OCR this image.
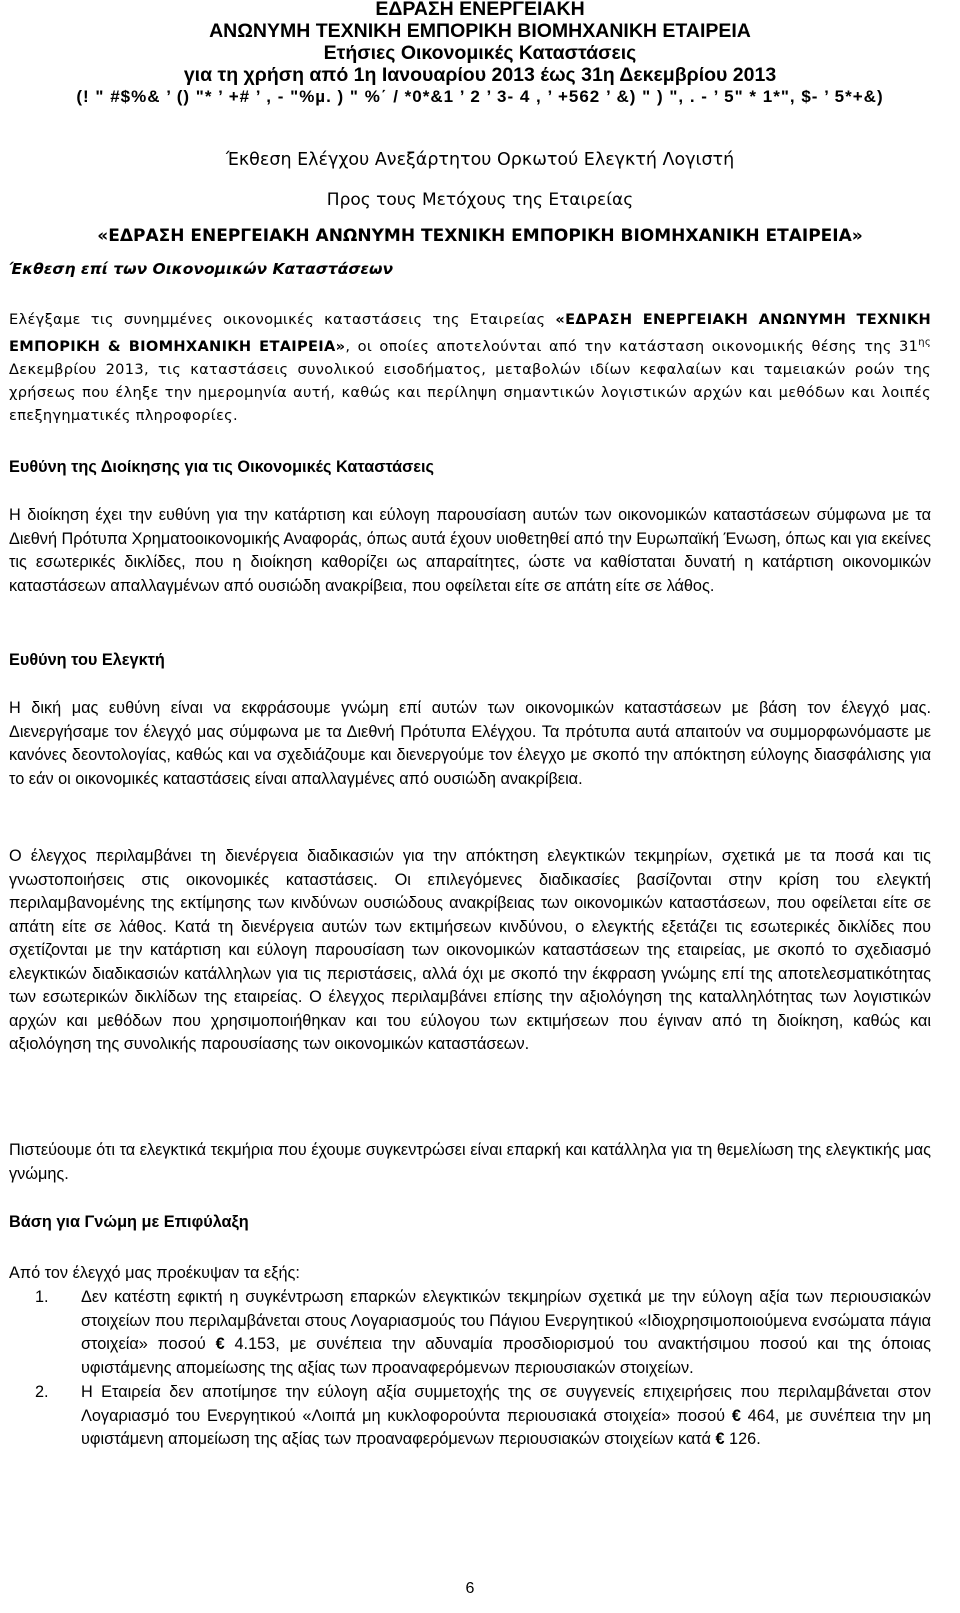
ΕΔΡΑΣΗ ΕΝΕΡΓΕΙΑΚΗ

ΑΝΩΝΥΜΗ ΤΕΧΝΙΚΗ ΕΜΠΟΡΙΚΗ ΒΙΟΜΗΧΑΝΙΚΗ ΕΤΑΙΡΕΙΑ

Ετήσιες Οικονομικές Καταστάσεις

για τη χρήση από 1η Ιανουαρίου 2013 έως 31η Δεκεμβρίου 2013

(! " #$%& ’ () "* ’ +# ’ , - "%µ. ) " %΄ / *0*&1 ’ 2 ’ 3- 4 , ’ +562 ’ &) " ) ", . - ’ 5" * 1*", $- ’ 5*+&)

Έκθεση Ελέγχου Ανεξάρτητου Ορκωτού Ελεγκτή Λογιστή
Προς τους Μετόχους της Εταιρείας
«ΕΔΡΑΣΗ ΕΝΕΡΓΕΙΑΚΗ ΑΝΩΝΥΜΗ ΤΕΧΝΙΚΗ ΕΜΠΟΡΙΚΗ ΒΙΟΜΗΧΑΝΙΚΗ ΕΤΑΙΡΕΙΑ»

Έκθεση επί των Οικονομικών Καταστάσεων

Ελέγξαμε τις συνημμένες οικονομικές καταστάσεις της Εταιρείας «ΕΔΡΑΣΗ ΕΝΕΡΓΕΙΑΚΗ ΑΝΩΝΥΜΗ ΤΕΧΝΙΚΗ ΕΜΠΟΡΙΚΗ & ΒΙΟΜΗΧΑΝΙΚΗ ΕΤΑΙΡΕΙΑ», οι οποίες αποτελούνται από την κατάσταση οικονομικής θέσης της $31^{\eta\varsigma}$ Δεκεμβρίου 2013, τις καταστάσεις συνολικού εισοδήματος, μεταβολών ιδίων κεφαλαίων και ταμειακών ροών της χρήσεως που έληξε την ημερομηνία αυτή, καθώς και περίληψη σημαντικών λογιστικών αρχών και μεθόδων και λοιπές επεξηγηματικές πληροφορίες.

Ευθύνη της Διοίκησης για τις Οικονομικές Καταστάσεις

Η διοίκηση έχει την ευθύνη για την κατάρτιση και εύλογη παρουσίαση αυτών των οικονομικών καταστάσεων σύμφωνα με τα Διεθνή Πρότυπα Χρηματοοικονομικής Αναφοράς, όπως αυτά έχουν υιοθετηθεί από την Ευρωπαϊκή Ένωση, όπως και για εκείνες τις εσωτερικές δικλίδες, που η διοίκηση καθορίζει ως απαραίτητες, ώστε να καθίσταται δυνατή η κατάρτιση οικονομικών καταστάσεων απαλλαγμένων από ουσιώδη ανακρίβεια, που οφείλεται είτε σε απάτη είτε σε λάθος.

Ευθύνη του Ελεγκτή

Η δική μας ευθύνη είναι να εκφράσουμε γνώμη επί αυτών των οικονομικών καταστάσεων με βάση τον έλεγχό μας. Διενεργήσαμε τον έλεγχό μας σύμφωνα με τα Διεθνή Πρότυπα Ελέγχου. Τα πρότυπα αυτά απαιτούν να συμμορφωνόμαστε με κανόνες δεοντολογίας, καθώς και να σχεδιάζουμε και διενεργούμε τον έλεγχο με σκοπό την απόκτηση εύλογης διασφάλισης για το εάν οι οικονομικές καταστάσεις είναι απαλλαγμένες από ουσιώδη ανακρίβεια.

Ο έλεγχος περιλαμβάνει τη διενέργεια διαδικασιών για την απόκτηση ελεγκτικών τεκμηρίων, σχετικά με τα ποσά και τις γνωστοποιήσεις στις οικονομικές καταστάσεις. Οι επιλεγόμενες διαδικασίες βασίζονται στην κρίση του ελεγκτή περιλαμβανομένης της εκτίμησης των κινδύνων ουσιώδους ανακρίβειας των οικονομικών καταστάσεων, που οφείλεται είτε σε απάτη είτε σε λάθος. Κατά τη διενέργεια αυτών των εκτιμήσεων κινδύνου, ο ελεγκτής εξετάζει τις εσωτερικές δικλίδες που σχετίζονται με την κατάρτιση και εύλογη παρουσίαση των οικονομικών καταστάσεων της εταιρείας, με σκοπό το σχεδιασμό ελεγκτικών διαδικασιών κατάλληλων για τις περιστάσεις, αλλά όχι με σκοπό την έκφραση γνώμης επί της αποτελεσματικότητας των εσωτερικών δικλίδων της εταιρείας. Ο έλεγχος περιλαμβάνει επίσης την αξιολόγηση της καταλληλότητας των λογιστικών αρχών και μεθόδων που χρησιμοποιήθηκαν και του εύλογου των εκτιμήσεων που έγιναν από τη διοίκηση, καθώς και αξιολόγηση της συνολικής παρουσίασης των οικονομικών καταστάσεων.

Πιστεύουμε ότι τα ελεγκτικά τεκμήρια που έχουμε συγκεντρώσει είναι επαρκή και κατάλληλα για τη θεμελίωση της ελεγκτικής μας γνώμης.

Βάση για Γνώμη με Επιφύλαξη

Από τον έλεγχό μας προέκυψαν τα εξής:

1. Δεν κατέστη εφικτή η συγκέντρωση επαρκών ελεγκτικών τεκμηρίων σχετικά με την εύλογη αξία των περιουσιακών στοιχείων που περιλαμβάνεται στους Λογαριασμούς του Πάγιου Ενεργητικού «Ιδιοχρησιμοποιούμενα ενσώματα πάγια στοιχεία» ποσού € 4.153, με συνέπεια την αδυναμία προσδιορισμού του ανακτήσιμου ποσού και της όποιας υφιστάμενης απομείωσης της αξίας των προαναφερόμενων περιουσιακών στοιχείων.
2. Η Εταιρεία δεν αποτίμησε την εύλογη αξία συμμετοχής της σε συγγενείς επιχειρήσεις που περιλαμβάνεται στον Λογαριασμό του Ενεργητικού «Λοιπά μη κυκλοφορούντα περιουσιακά στοιχεία» ποσού € 464, με συνέπεια την μη υφιστάμενη απομείωση της αξίας των προαναφερόμενων περιουσιακών στοιχείων κατά € 126.
6
